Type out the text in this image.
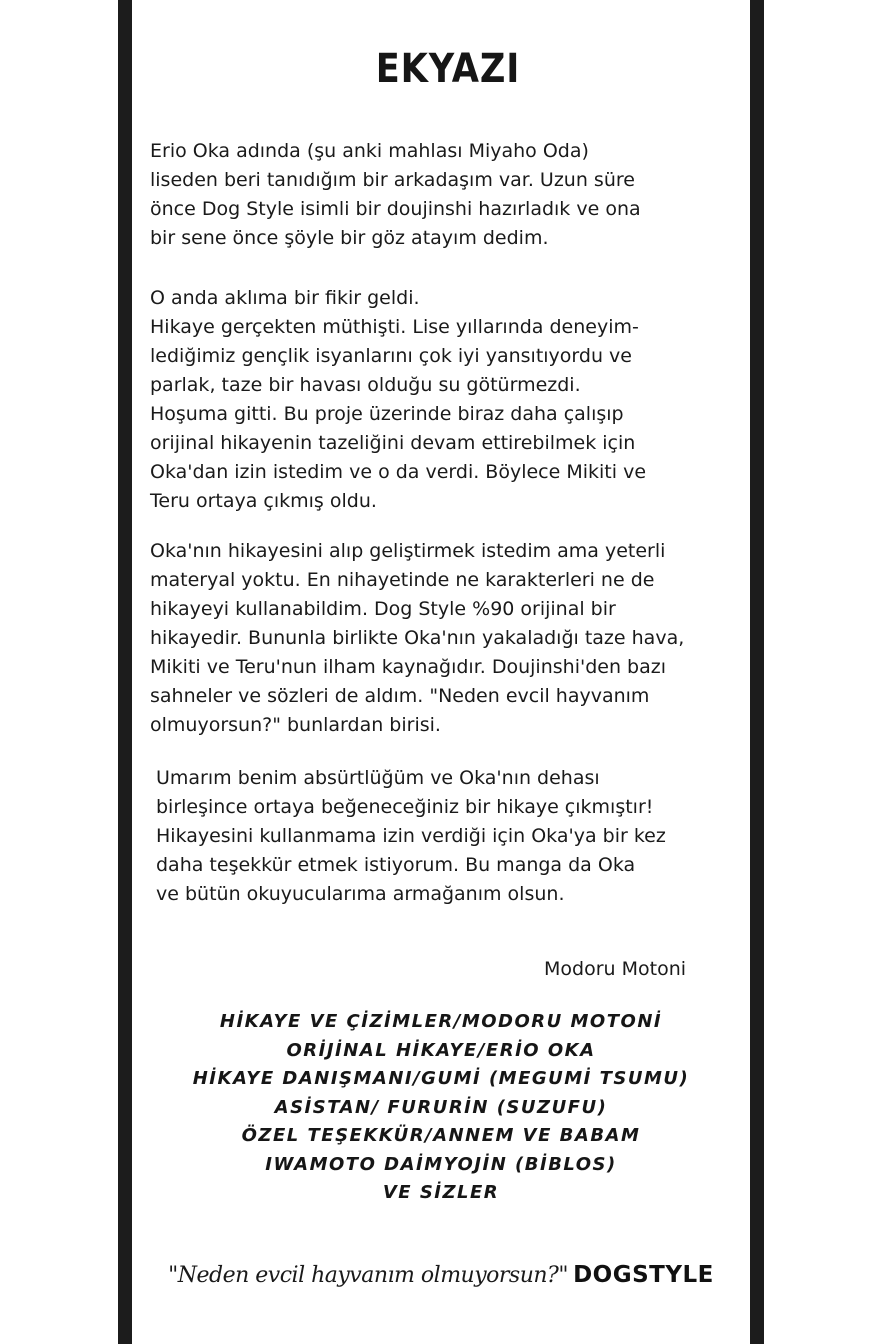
EKYAZI
Erio Oka adında (şu anki mahlası Miyaho Oda)
liseden beri tanıdığım bir arkadaşım var. Uzun süre
önce Dog Style isimli bir doujinshi hazırladık ve ona
bir sene önce şöyle bir göz atayım dedim.
O anda aklıma bir fikir geldi.
Hikaye gerçekten müthişti. Lise yıllarında deneyim-
lediğimiz gençlik isyanlarını çok iyi yansıtıyordu ve
parlak, taze bir havası olduğu su götürmezdi.
Hoşuma gitti. Bu proje üzerinde biraz daha çalışıp
orijinal hikayenin tazeliğini devam ettirebilmek için
Oka'dan izin istedim ve o da verdi. Böylece Mikiti ve
Teru ortaya çıkmış oldu.
Oka'nın hikayesini alıp geliştirmek istedim ama yeterli
materyal yoktu. En nihayetinde ne karakterleri ne de
hikayeyi kullanabildim. Dog Style %90 orijinal bir
hikayedir. Bununla birlikte Oka'nın yakaladığı taze hava,
Mikiti ve Teru'nun ilham kaynağıdır. Doujinshi'den bazı
sahneler ve sözleri de aldım. "Neden evcil hayvanım
olmuyorsun?" bunlardan birisi.
Umarım benim absürtlüğüm ve Oka'nın dehası
birleşince ortaya beğeneceğiniz bir hikaye çıkmıştır!
Hikayesini kullanmama izin verdiği için Oka'ya bir kez
daha teşekkür etmek istiyorum. Bu manga da Oka
ve bütün okuyucularıma armağanım olsun.
Modoru Motoni
HİKAYE VE ÇİZİMLER/MODORU MOTONİ
ORİJİNAL HİKAYE/ERİO OKA
HİKAYE DANIŞMANI/GUMİ (MEGUMİ TSUMU)
ASİSTAN/ FURURİN (SUZUFU)
ÖZEL TEŞEKKÜR/ANNEM VE BABAM
IWAMOTO DAİMYOJİN (BİBLOS)
VE SİZLER
"Neden evcil hayvanım olmuyorsun?" DOGSTYLE
